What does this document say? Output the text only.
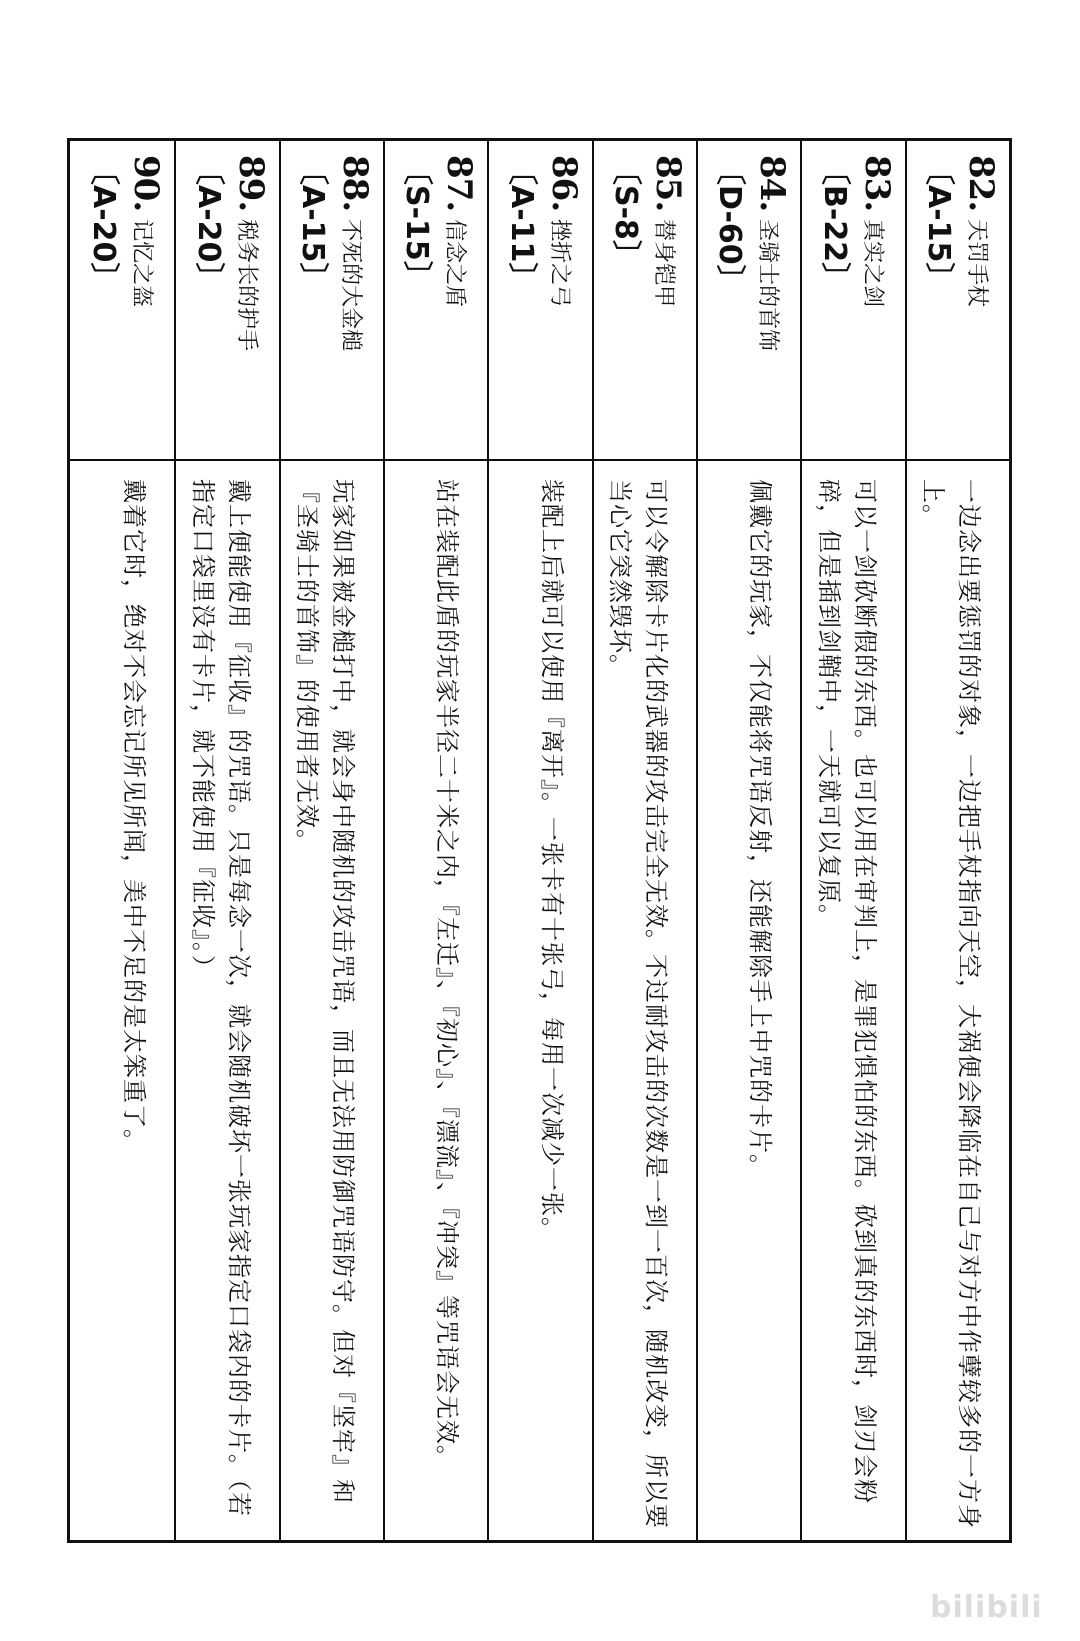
82.天罚手杖
〔A-15〕
一边念出要惩罚的对象，一边把手杖指向天空，大祸便会降临在自己与对方中作孽较多的一方身上。
83.真实之剑
〔B-22〕
可以一剑砍断假的东西。也可以用在审判上，是罪犯惧怕的东西。砍到真的东西时，剑刃会粉碎，但是插到剑鞘中，一天就可以复原。
84.圣骑士的首饰
〔D-60〕
佩戴它的玩家，不仅能将咒语反射，还能解除手上中咒的卡片。
85.替身铠甲
〔S-8〕
可以令解除卡片化的武器的攻击完全无效。不过耐攻击的次数是一到一百次，随机改变，所以要当心它突然毁坏。
86.挫折之弓
〔A-11〕
装配上后就可以使用『离开』。一张卡有十张弓，每用一次减少一张。
87.信念之盾
〔S-15〕
站在装配此盾的玩家半径二十米之内，『左迁』、『初心』、『漂流』、『冲突』等咒语会无效。
88.不死的大金槌
〔A-15〕
玩家如果被金槌打中，就会身中随机的攻击咒语，而且无法用防御咒语防守。但对『坚牢』和『圣骑士的首饰』的使用者无效。
89.税务长的护手
〔A-20〕
戴上便能使用『征收』的咒语。只是每念一次，就会随机破坏一张玩家指定口袋内的卡片。（若指定口袋里没有卡片，就不能使用『征收』。）
90.记忆之盔
〔A-20〕
戴着它时，绝对不会忘记所见所闻，美中不足的是太笨重了。
bilibili
